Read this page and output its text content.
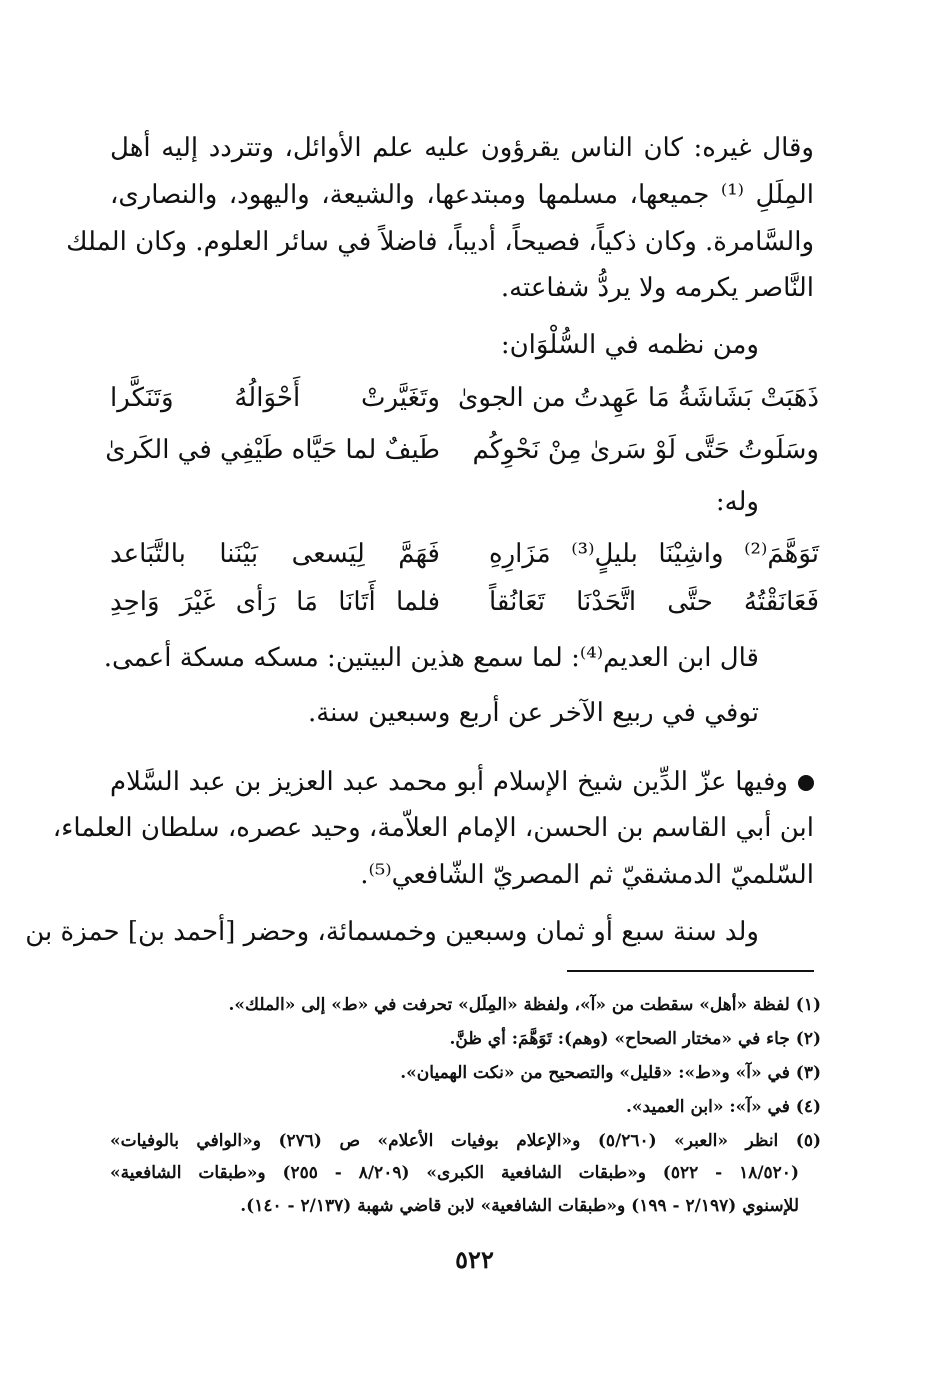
وقال غيره: كان الناس يقرؤون عليه علم الأوائل، وتتردد إليه أهل
المِلَلِ ⁽¹⁾ جميعها، مسلمها ومبتدعها، والشيعة، واليهود، والنصارى،
والسَّامرة. وكان ذكياً، فصيحاً، أديباً، فاضلاً في سائر العلوم. وكان الملك
النَّاصر يكرمه ولا يردُّ شفاعته.
ومن نظمه في السُّلْوَان:
ذَهَبَتْ بَشَاشَةُ مَا عَهِدتُ من الجوىٰ
وتَغَيَّرتْ أَحْوَالُهُ وَتَنَكَّرا
وسَلَوتُ حَتَّى لَوْ سَرىٰ مِنْ نَحْوِكُم
طَيفٌ لما حَيَّاه طَيْفِي في الكَرىٰ
وله:
تَوَهَّمَ⁽²⁾ واشِيْنَا بليلٍ⁽³⁾ مَزَارِهِ
فَهَمَّ لِيَسعى بَيْنَنا بالتَّبَاعد
فَعَانَقْتُهُ حتَّى اتَّحَدْنَا تَعَانُقاً
فلما أَتَانَا مَا رَأى غَيْرَ وَاحِدِ
قال ابن العديم⁽⁴⁾: لما سمع هذين البيتين: مسكه مسكة أعمى.
توفي في ربيع الآخر عن أربع وسبعين سنة.
وفيها عزّ الدِّين شيخ الإسلام أبو محمد عبد العزيز بن عبد السَّلام
ابن أبي القاسم بن الحسن، الإمام العلاّمة، وحيد عصره، سلطان العلماء،
السّلميّ الدمشقيّ ثم المصريّ الشّافعي⁽⁵⁾.
ولد سنة سبع أو ثمان وسبعين وخمسمائة، وحضر [أحمد بن] حمزة بن
(١) لفظة «أهل» سقطت من «آ»، ولفظة «المِلَل» تحرفت في «ط» إلى «الملك».
(٢) جاء في «مختار الصحاح» (وهم): تَوَهَّمَ: أي ظنَّ.
(٣) في «آ» و«ط»: «قليل» والتصحيح من «نكت الهميان».
(٤) في «آ»: «ابن العميد».
(٥) انظر «العبر» (٥/٢٦٠) و«الإعلام بوفيات الأعلام» ص (٢٧٦) و«الوافي بالوفيات»
(١٨/٥٢٠ - ٥٢٢) و«طبقات الشافعية الكبرى» (٨/٢٠٩ - ٢٥٥) و«طبقات الشافعية»
للإسنوي (٢/١٩٧ - ١٩٩) و«طبقات الشافعية» لابن قاضي شهبة (٢/١٣٧ - ١٤٠).
٥٢٢
